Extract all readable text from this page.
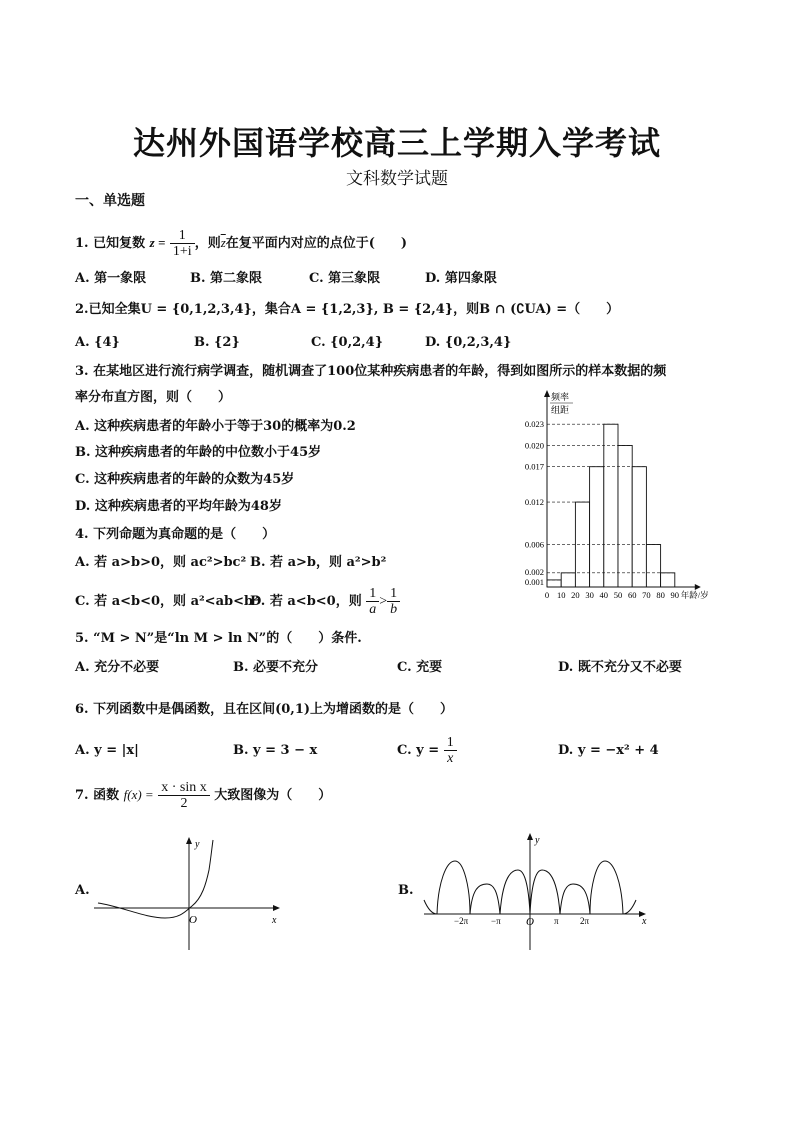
达州外国语学校高三上学期入学考试
文科数学试题
一、单选题
1. 已知复数 $z = \frac{1}{1+i}$ ，则$\overline{z}$在复平面内对应的点位于(　　)
A. 第一象限	B. 第二象限	C. 第三象限	D. 第四象限
2.已知全集U = {0,1,2,3,4}，集合A = {1,2,3}, B = {2,4}，则B ∩ (∁UA) =（　　）
A. {4}	B. {2}	C. {0,2,4}	D. {0,2,3,4}
3. 在某地区进行流行病学调查，随机调查了100位某种疾病患者的年龄，得到如图所示的样本数据的频
率分布直方图，则（　　）
A. 这种疾病患者的年龄小于等于30的概率为0.2
B. 这种疾病患者的年龄的中位数小于45岁
C. 这种疾病患者的年龄的众数为45岁
D. 这种疾病患者的平均年龄为48岁
频率
组距
0.001
0.002
0.006
0.012
0.017
0.020
0.023
0 10 20 30 40 50 60 70 80 90 年龄/岁
4. 下列命题为真命题的是（　　）
A. 若 a>b>0，则 ac²>bc² B. 若 a>b，则 a²>b²
C. 若 a<b<0，则 a²<ab<b²
D. 若 a<b<0，则 $\frac{1}{a} > \frac{1}{b}$
5. “M > N”是“ln M > ln N”的（　　）条件.
A. 充分不必要	B. 必要不充分	C. 充要	D. 既不充分又不必要
6. 下列函数中是偶函数，且在区间(0,1)上为增函数的是（　　）
A. y = |x|	B. y = 3 − x	C. $y = \frac{1}{x}$	D. y = −x² + 4
7. 函数 $f(x) = \frac{\text{x · sin x}}{2}$ 大致图像为（　　）
A.	B.
y
x
O
y
x
O
−2π	−π	π 2π
